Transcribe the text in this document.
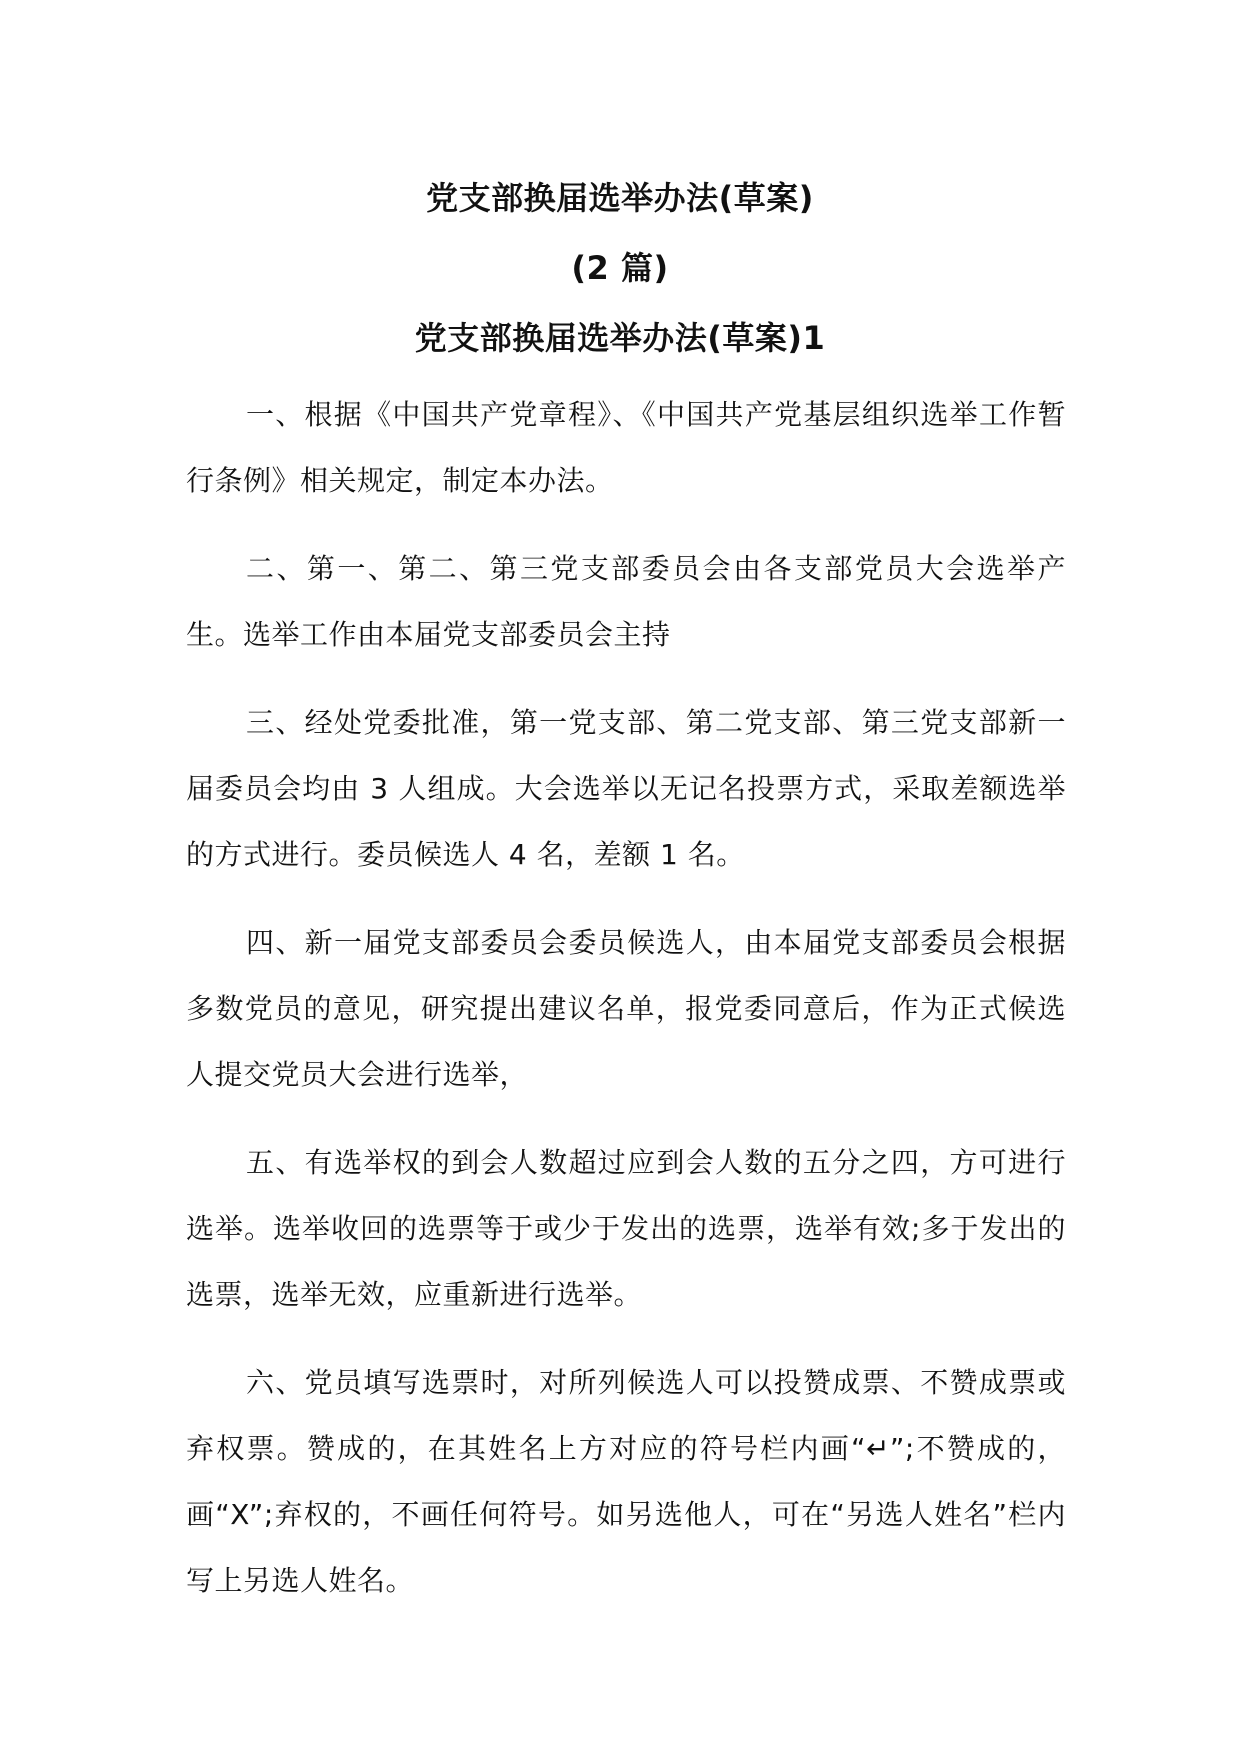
党支部换届选举办法(草案)
(2 篇)
党支部换届选举办法(草案)1

一、根据《中国共产党章程》、《中国共产党基层组织选举工作暂行条例》相关规定，制定本办法。

二、第一、第二、第三党支部委员会由各支部党员大会选举产生。选举工作由本届党支部委员会主持

三、经处党委批准，第一党支部、第二党支部、第三党支部新一届委员会均由 3 人组成。大会选举以无记名投票方式，采取差额选举的方式进行。委员候选人 4 名，差额 1 名。

四、新一届党支部委员会委员候选人，由本届党支部委员会根据多数党员的意见，研究提出建议名单，报党委同意后，作为正式候选人提交党员大会进行选举，

五、有选举权的到会人数超过应到会人数的五分之四，方可进行选举。选举收回的选票等于或少于发出的选票，选举有效;多于发出的选票，选举无效，应重新进行选举。

六、党员填写选票时，对所列候选人可以投赞成票、不赞成票或弃权票。赞成的，在其姓名上方对应的符号栏内画“↵”;不赞成的，画“X”;弃权的，不画任何符号。如另选他人，可在“另选人姓名”栏内写上另选人姓名。
